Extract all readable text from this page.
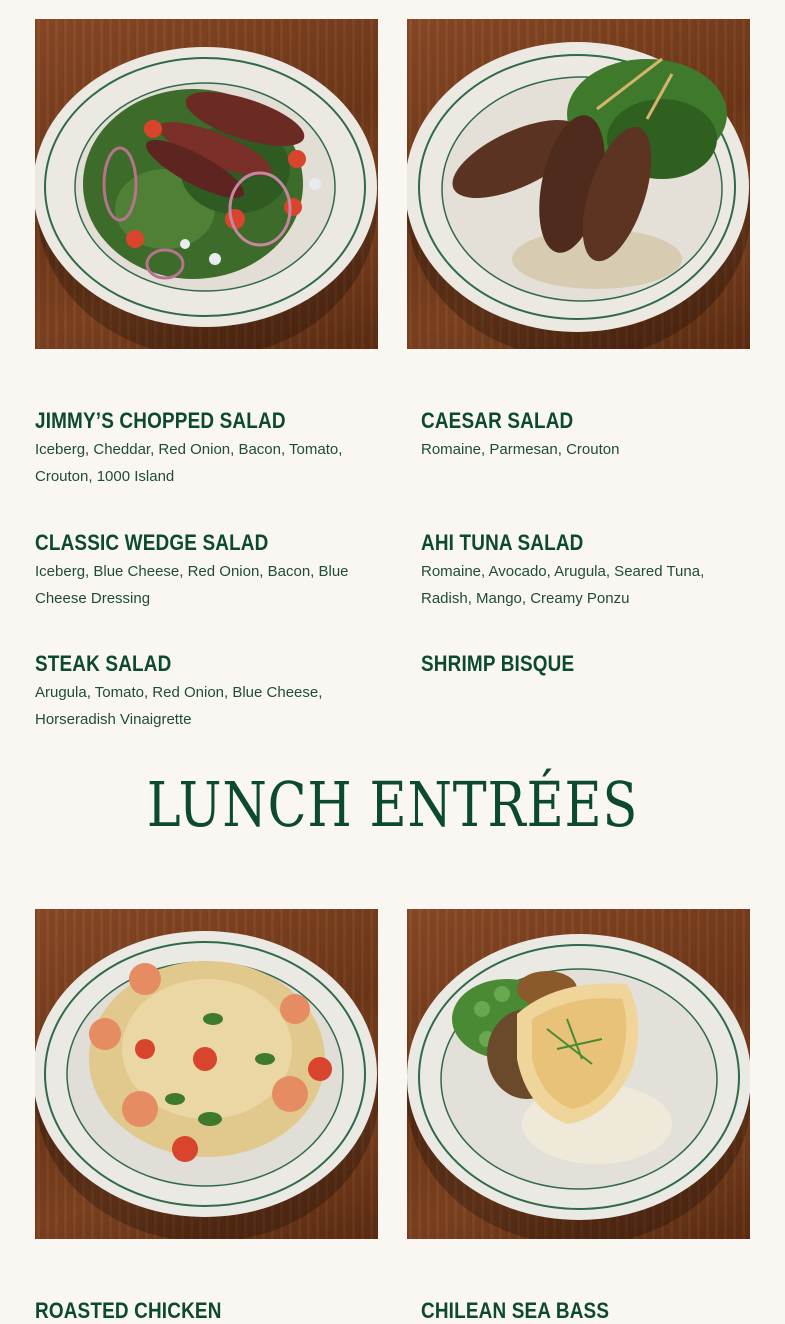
JIMMY’S CHOPPED SALAD
Iceberg, Cheddar, Red Onion, Bacon, Tomato, Crouton, 1000 Island
CAESAR SALAD
Romaine, Parmesan, Crouton
CLASSIC WEDGE SALAD
Iceberg, Blue Cheese, Red Onion, Bacon, Blue Cheese Dressing
AHI TUNA SALAD
Romaine, Avocado, Arugula, Seared Tuna, Radish, Mango, Creamy Ponzu
STEAK SALAD
Arugula, Tomato, Red Onion, Blue Cheese, Horseradish Vinaigrette
SHRIMP BISQUE
LUNCH ENTRÉES
ROASTED CHICKEN	CHILEAN SEA BASS
